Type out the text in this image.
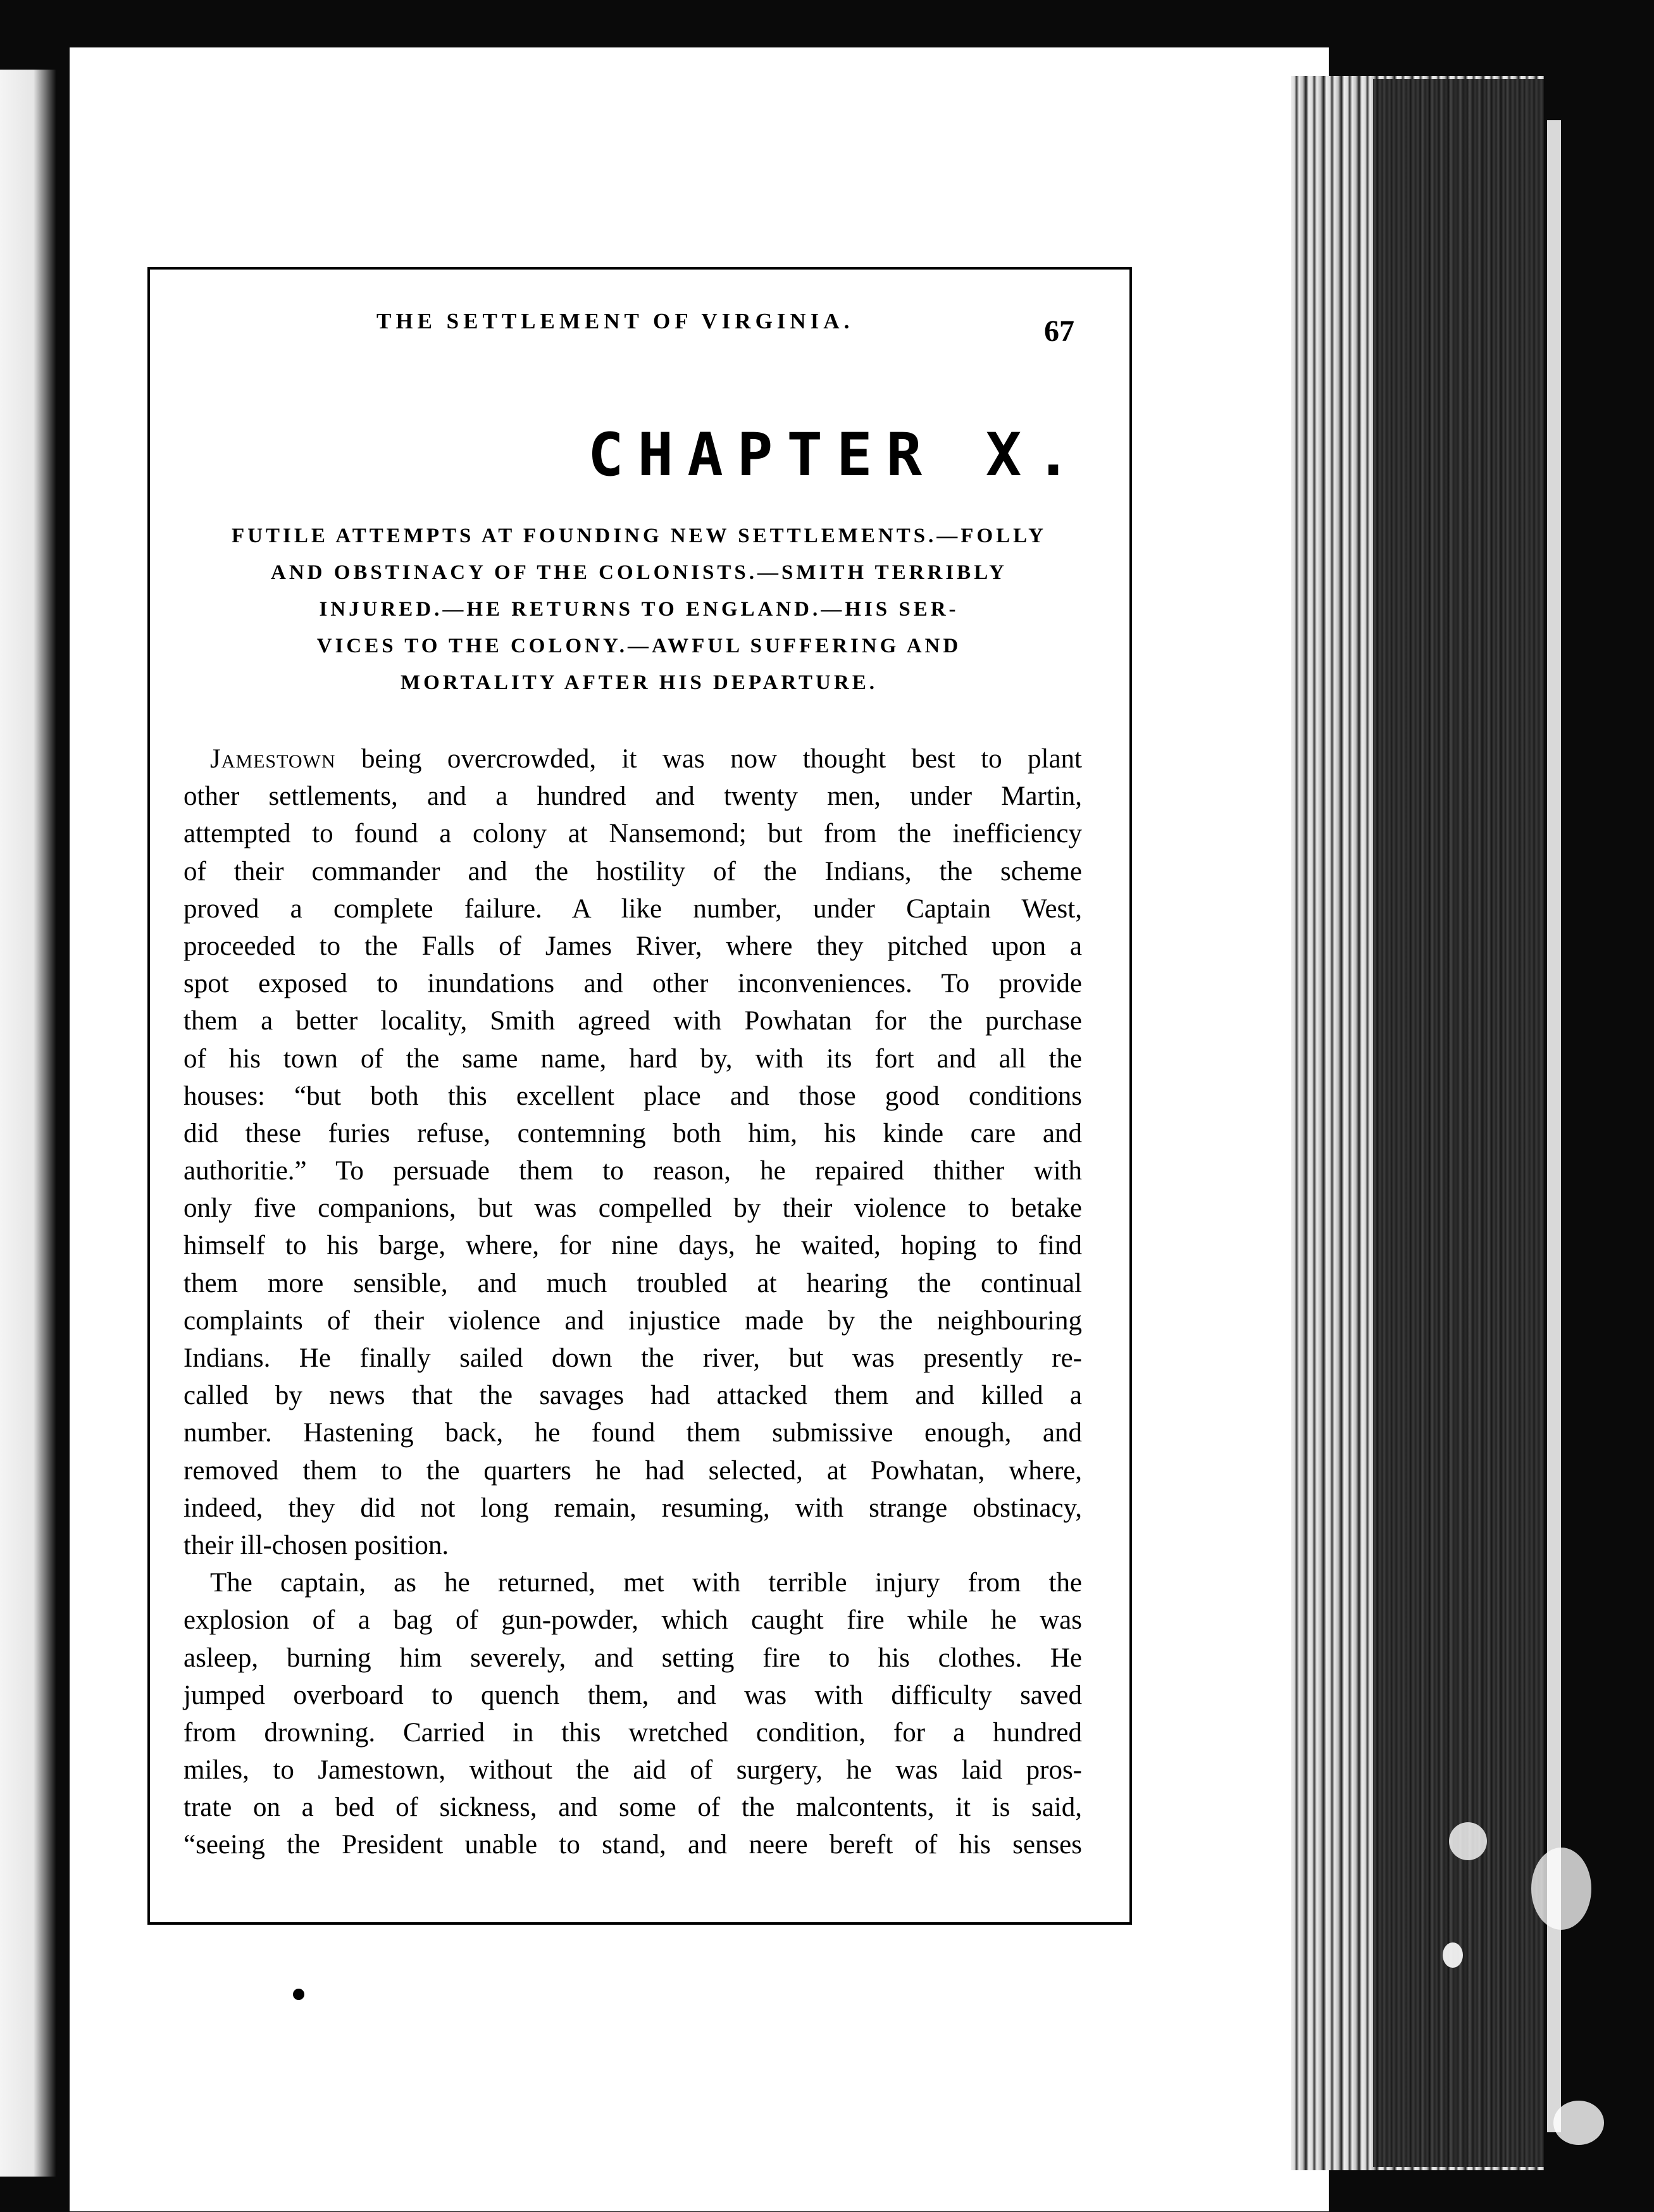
THE SETTLEMENT OF VIRGINIA.	67
CHAPTER X.
FUTILE ATTEMPTS AT FOUNDING NEW SETTLEMENTS.—FOLLY
AND OBSTINACY OF THE COLONISTS.—SMITH TERRIBLY
INJURED.—HE RETURNS TO ENGLAND.—HIS SER-
VICES TO THE COLONY.—AWFUL SUFFERING AND
MORTALITY AFTER HIS DEPARTURE.
Jamestown being overcrowded, it was now thought best to plant
other settlements, and a hundred and twenty men, under Martin,
attempted to found a colony at Nansemond; but from the inefficiency
of their commander and the hostility of the Indians, the scheme
proved a complete failure. A like number, under Captain West,
proceeded to the Falls of James River, where they pitched upon a
spot exposed to inundations and other inconveniences. To provide
them a better locality, Smith agreed with Powhatan for the purchase
of his town of the same name, hard by, with its fort and all the
houses: “but both this excellent place and those good conditions
did these furies refuse, contemning both him, his kinde care and
authoritie.” To persuade them to reason, he repaired thither with
only five companions, but was compelled by their violence to betake
himself to his barge, where, for nine days, he waited, hoping to find
them more sensible, and much troubled at hearing the continual
complaints of their violence and injustice made by the neighbouring
Indians. He finally sailed down the river, but was presently re-
called by news that the savages had attacked them and killed a
number. Hastening back, he found them submissive enough, and
removed them to the quarters he had selected, at Powhatan, where,
indeed, they did not long remain, resuming, with strange obstinacy,
their ill-chosen position.
The captain, as he returned, met with terrible injury from the
explosion of a bag of gun-powder, which caught fire while he was
asleep, burning him severely, and setting fire to his clothes. He
jumped overboard to quench them, and was with difficulty saved
from drowning. Carried in this wretched condition, for a hundred
miles, to Jamestown, without the aid of surgery, he was laid pros-
trate on a bed of sickness, and some of the malcontents, it is said,
“seeing the President unable to stand, and neere bereft of his senses
